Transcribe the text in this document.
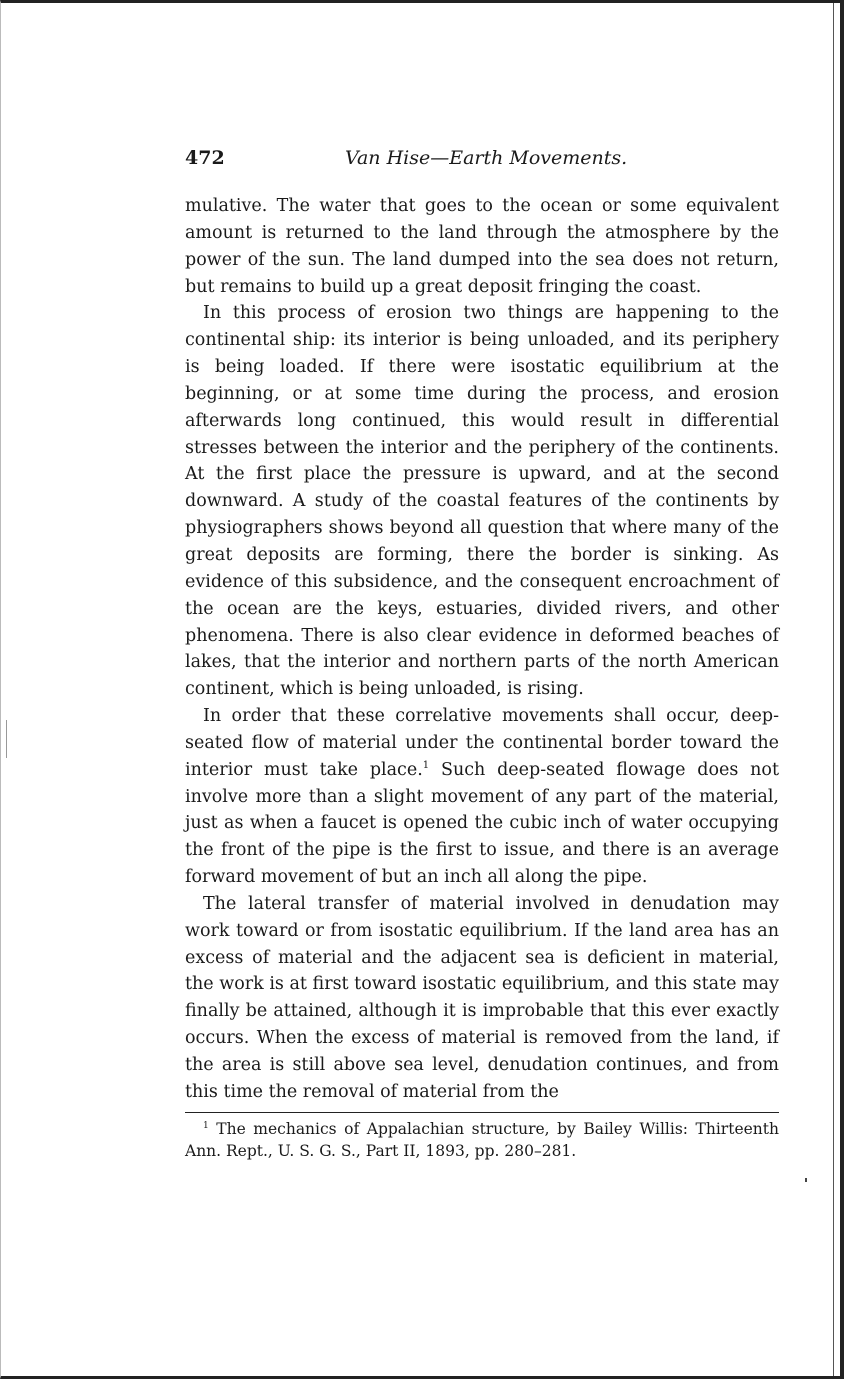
472	Van Hise—Earth Movements.

mulative. The water that goes to the ocean or some equivalent amount is returned to the land through the atmosphere by the power of the sun. The land dumped into the sea does not return, but remains to build up a great deposit fringing the coast.

In this process of erosion two things are happening to the continental ship: its interior is being unloaded, and its periphery is being loaded. If there were isostatic equilibrium at the beginning, or at some time during the process, and erosion afterwards long continued, this would result in differential stresses between the interior and the periphery of the continents. At the first place the pressure is upward, and at the second downward. A study of the coastal features of the continents by physiographers shows beyond all question that where many of the great deposits are forming, there the border is sinking. As evidence of this subsidence, and the consequent encroachment of the ocean are the keys, estuaries, divided rivers, and other phenomena. There is also clear evidence in deformed beaches of lakes, that the interior and northern parts of the north American continent, which is being unloaded, is rising.

In order that these correlative movements shall occur, deep-seated flow of material under the continental border toward the interior must take place.$^1$ Such deep-seated flowage does not involve more than a slight movement of any part of the material, just as when a faucet is opened the cubic inch of water occupying the front of the pipe is the first to issue, and there is an average forward movement of but an inch all along the pipe.

The lateral transfer of material involved in denudation may work toward or from isostatic equilibrium. If the land area has an excess of material and the adjacent sea is deficient in material, the work is at first toward isostatic equilibrium, and this state may finally be attained, although it is improbable that this ever exactly occurs. When the excess of material is removed from the land, if the area is still above sea level, denudation continues, and from this time the removal of material from the

$^1$ The mechanics of Appalachian structure, by Bailey Willis: Thirteenth Ann. Rept., U. S. G. S., Part II, 1893, pp. 280–281.
